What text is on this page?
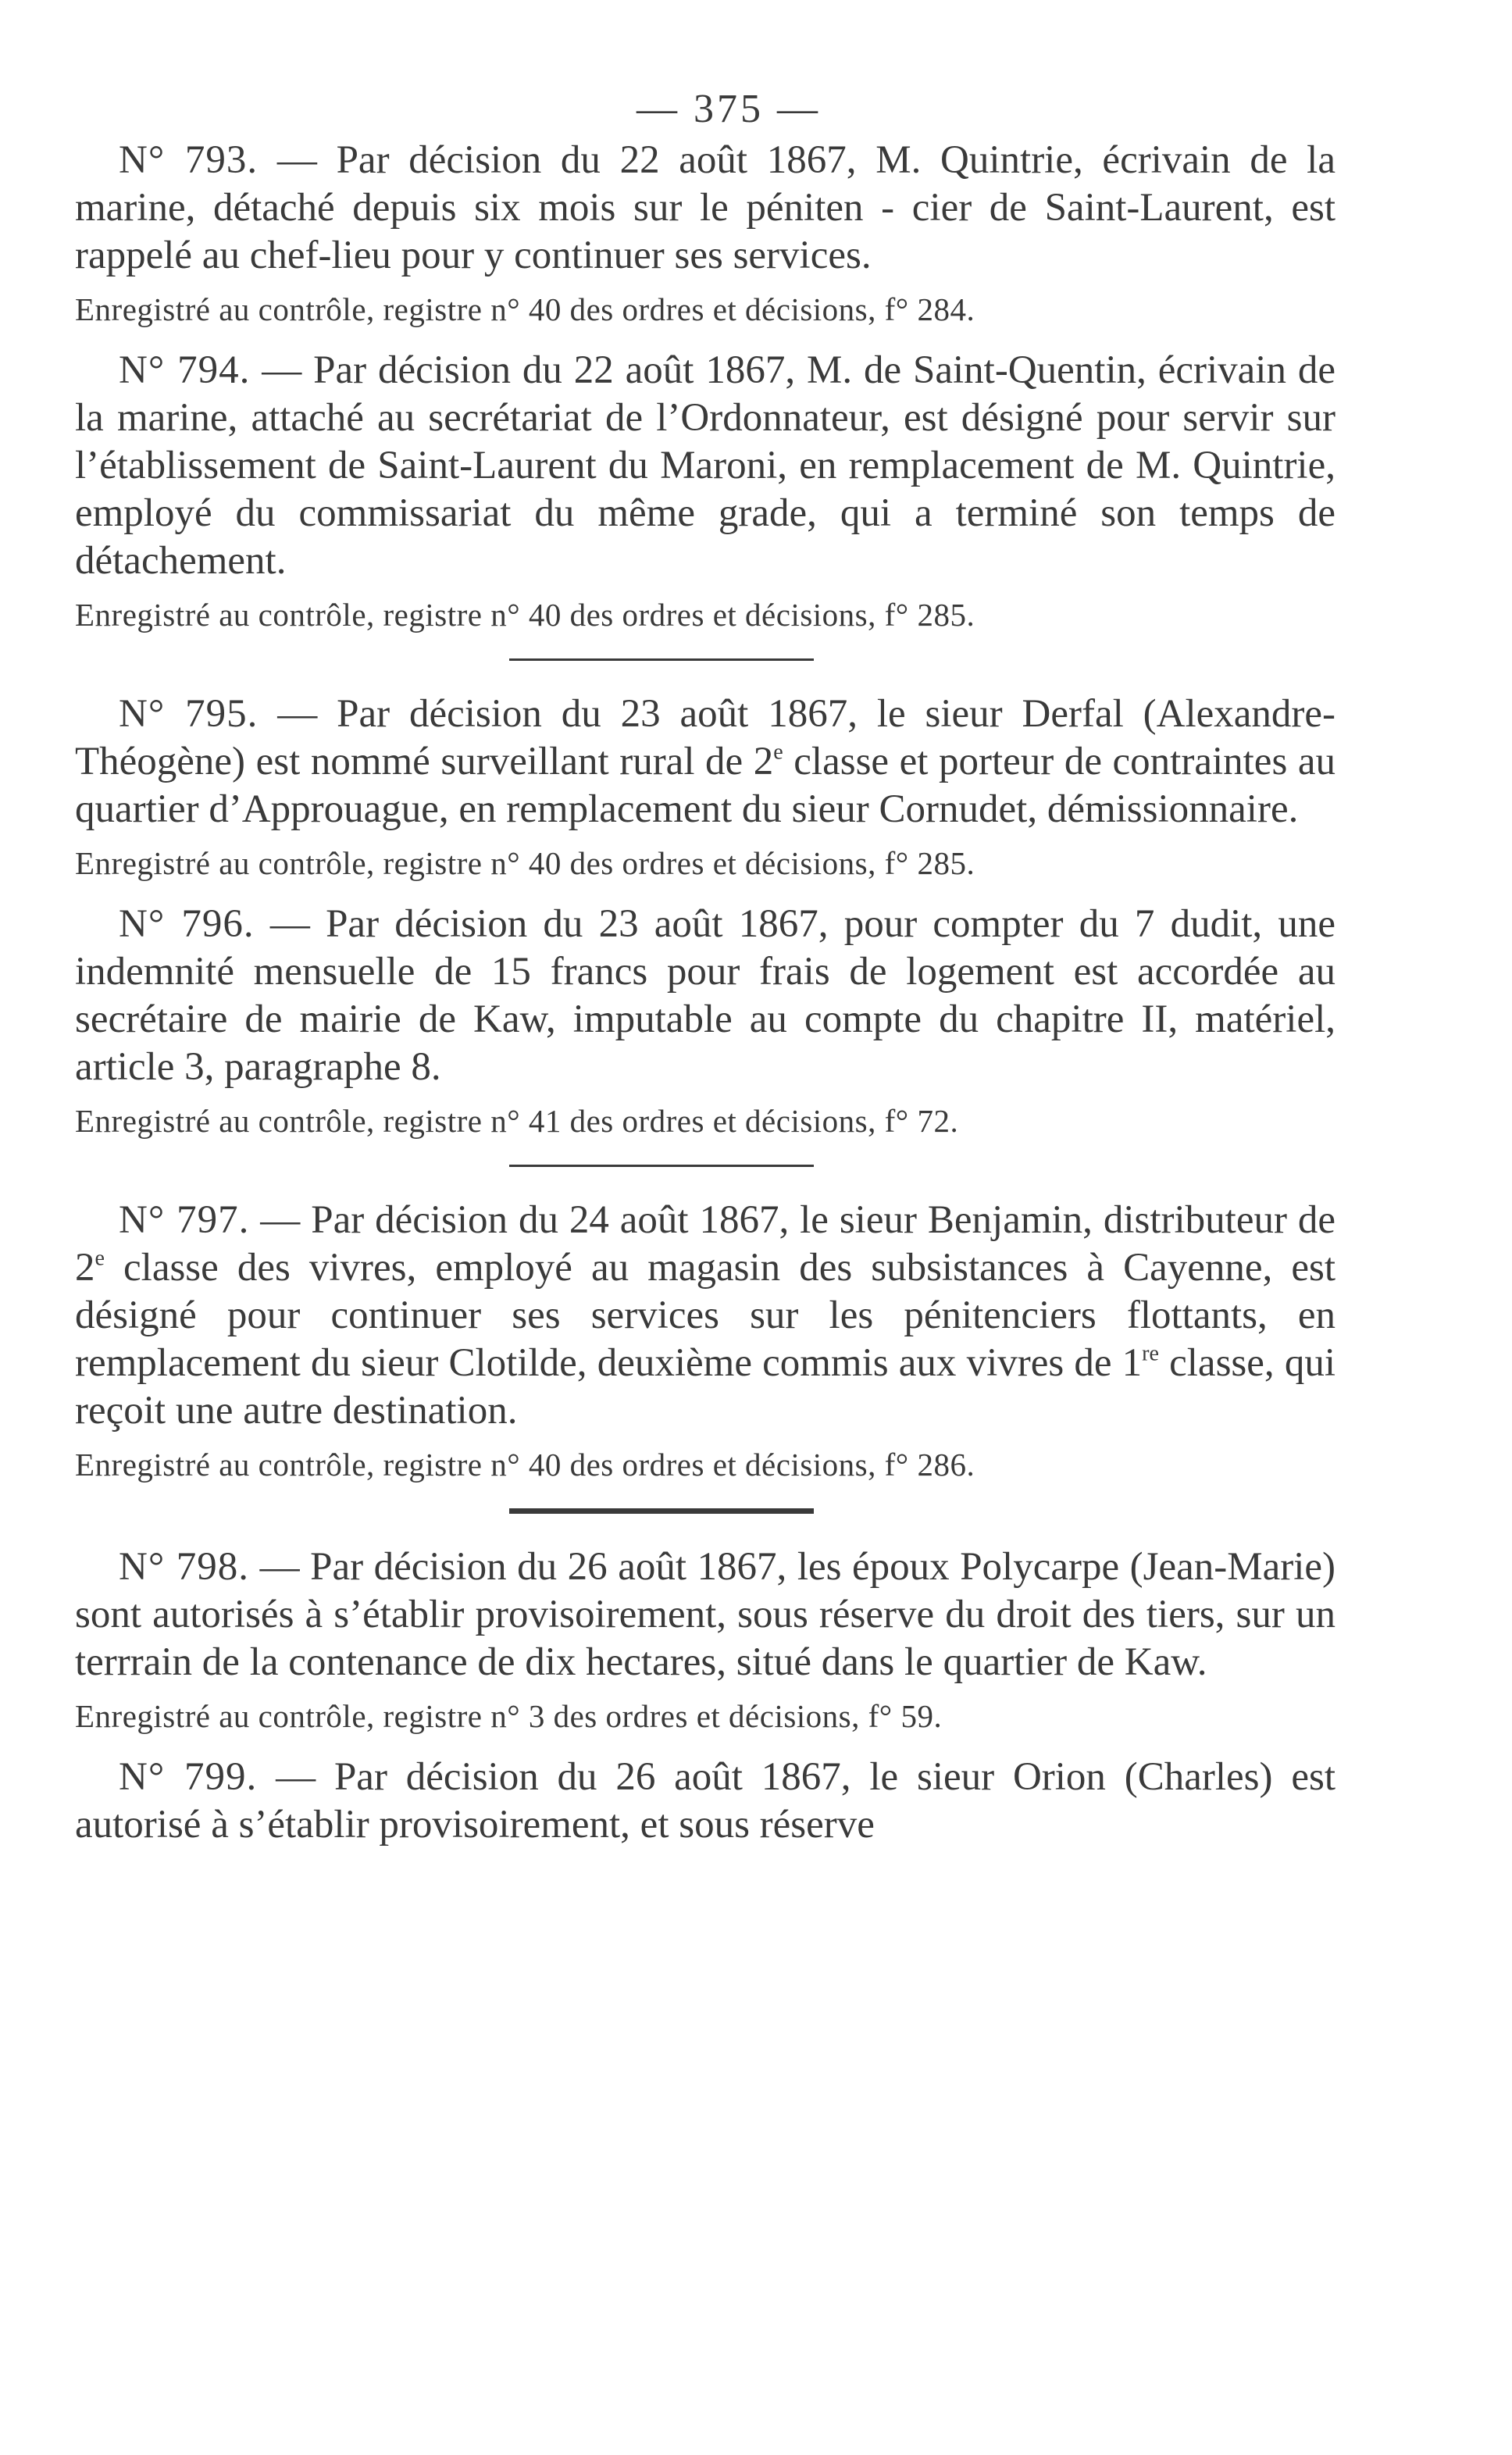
— 375 —

N° 793. — Par décision du 22 août 1867, M. Quintrie, écrivain de la marine, détaché depuis six mois sur le péniten - cier de Saint-Laurent, est rappelé au chef-lieu pour y continuer ses services.

Enregistré au contrôle, registre n° 40 des ordres et décisions, f° 284.

N° 794. — Par décision du 22 août 1867, M. de Saint-Quentin, écrivain de la marine, attaché au secrétariat de l’Ordonnateur, est désigné pour servir sur l’établissement de Saint-Laurent du Maroni, en remplacement de M. Quintrie, employé du commissariat du même grade, qui a terminé son temps de détachement.

Enregistré au contrôle, registre n° 40 des ordres et décisions, f° 285.

N° 795. — Par décision du 23 août 1867, le sieur Derfal (Alexandre-Théogène) est nommé surveillant rural de 2e classe et porteur de contraintes au quartier d’Approuague, en remplacement du sieur Cornudet, démissionnaire.

Enregistré au contrôle, registre n° 40 des ordres et décisions, f° 285.

N° 796. — Par décision du 23 août 1867, pour compter du 7 dudit, une indemnité mensuelle de 15 francs pour frais de logement est accordée au secrétaire de mairie de Kaw, imputable au compte du chapitre II, matériel, article 3, paragraphe 8.

Enregistré au contrôle, registre n° 41 des ordres et décisions, f° 72.

N° 797. — Par décision du 24 août 1867, le sieur Benjamin, distributeur de 2e classe des vivres, employé au magasin des subsistances à Cayenne, est désigné pour continuer ses services sur les pénitenciers flottants, en remplacement du sieur Clotilde, deuxième commis aux vivres de 1re classe, qui reçoit une autre destination.

Enregistré au contrôle, registre n° 40 des ordres et décisions, f° 286.

N° 798. — Par décision du 26 août 1867, les époux Polycarpe (Jean-Marie) sont autorisés à s’établir provisoirement, sous réserve du droit des tiers, sur un terrrain de la contenance de dix hectares, situé dans le quartier de Kaw.

Enregistré au contrôle, registre n° 3 des ordres et décisions, f° 59.

N° 799. — Par décision du 26 août 1867, le sieur Orion (Charles) est autorisé à s’établir provisoirement, et sous réserve
